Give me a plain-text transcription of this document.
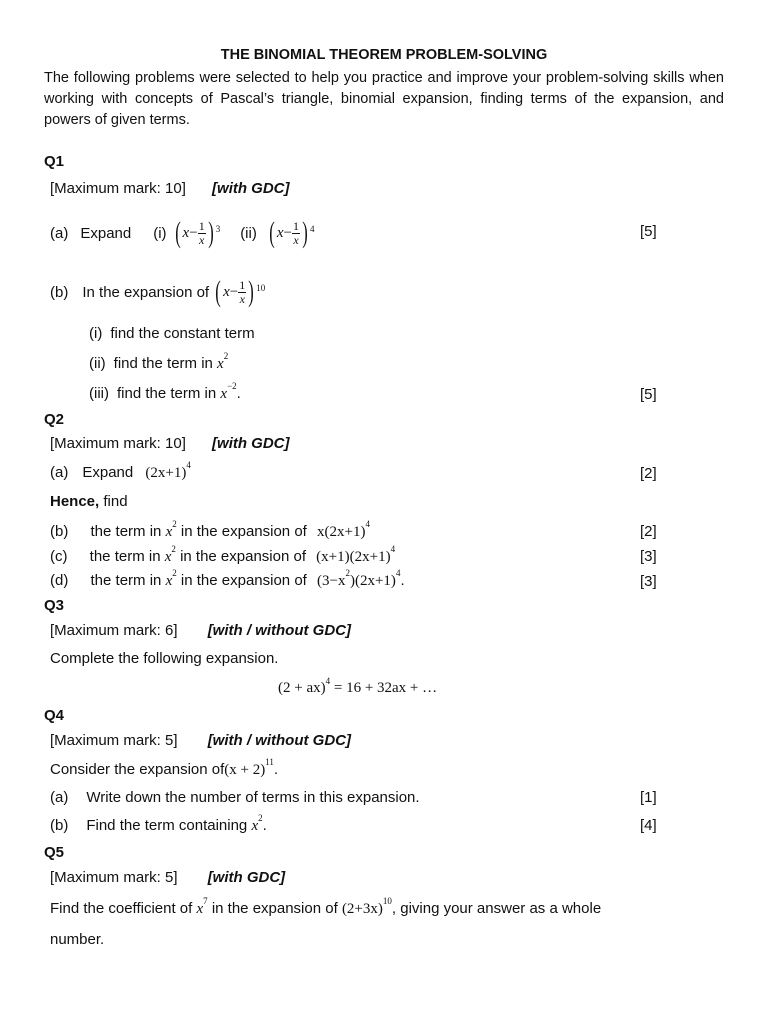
THE BINOMIAL THEOREM PROBLEM-SOLVING
The following problems were selected to help you practice and improve your problem-solving skills when working with concepts of Pascal’s triangle, binomial expansion, finding terms of the expansion, and powers of given terms.
Q1
[Maximum mark: 10] [with GDC]
(a) Expand (i) ( $x - \frac{1}{x}$ ) 3 (ii) ( $x - \frac{1}{x}$ ) 4	[5]
(b) In the expansion of ( $x - \frac{1}{x}$ ) 10
(i) find the constant term
(ii) find the term in $x^2$
(iii) find the term in $x^{-2}$.	[5]
Q2
[Maximum mark: 10] [with GDC]
(a) Expand $(2x+1)^4$	[2]
Hence, find
(b) the term in $x^2$ in the expansion of $x(2x+1)^4$	[2]
(c) the term in $x^2$ in the expansion of $(x+1)(2x+1)^4$	[3]
(d) the term in $x^2$ in the expansion of $(3-x^2)(2x+1)^4$.	[3]
Q3
[Maximum mark: 6] [with / without GDC]
Complete the following expansion.
(2 + ax)$^4$ = 16 + 32ax + …
Q4
[Maximum mark: 5] [with / without GDC]
Consider the expansion $of(x + 2)^{11}$.
(a) Write down the number of terms in this expansion.	[1]
(b) Find the term containing $x^2$.	[4]
Q5
[Maximum mark: 5] [with GDC]
Find the coefficient of $x^7$ in the expansion of $(2+3x)^{10}$, giving your answer as a whole
number.
